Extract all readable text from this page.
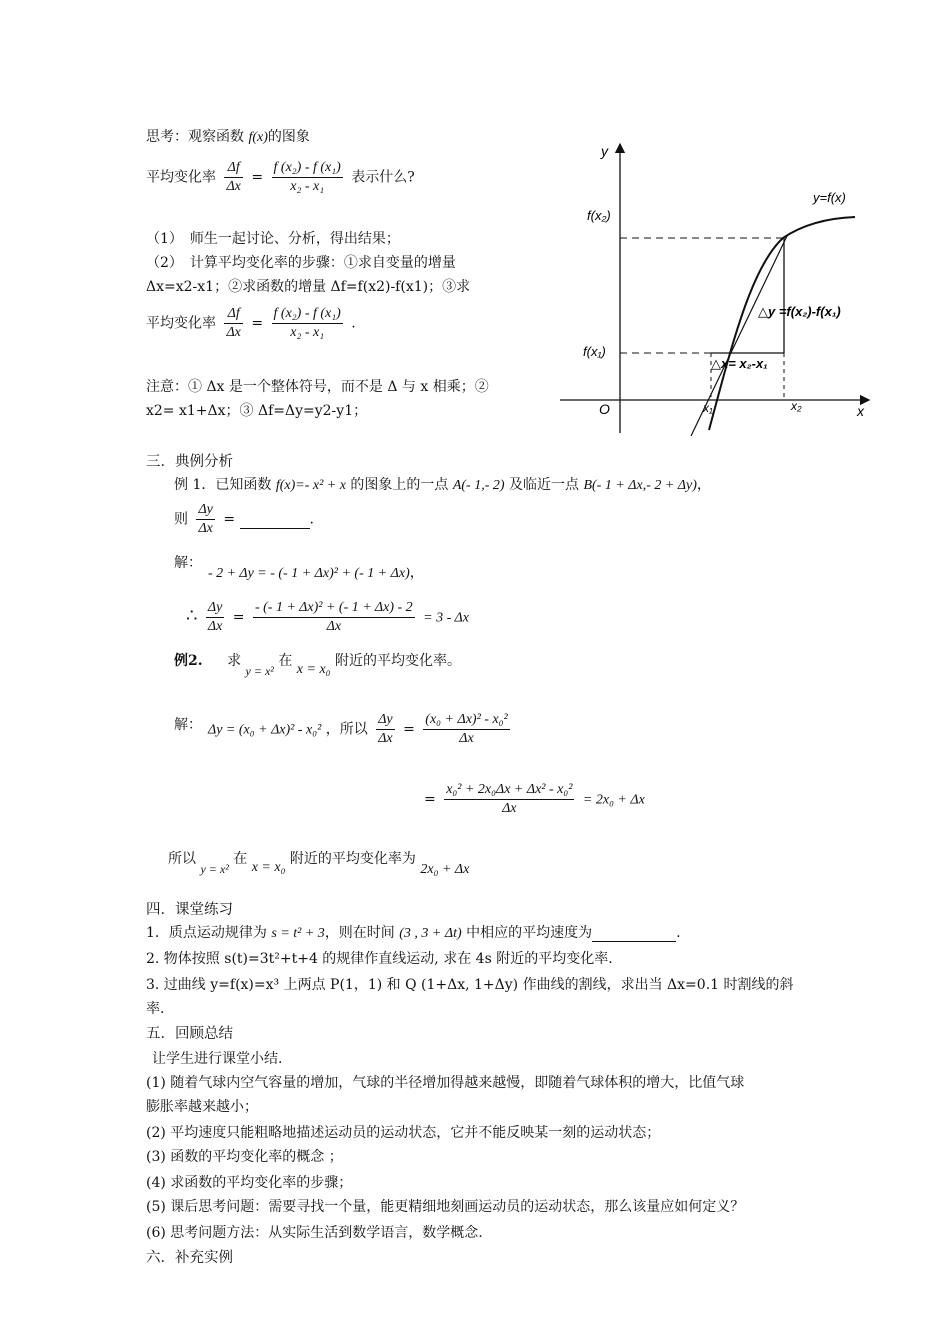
思考：观察函数 f(x)的图象
平均变化率 $\frac{\Delta f}{\Delta x} = \frac{\text{f (x₂) - f (x₁)}}{\text{x₂ - x₁}}$ 表示什么?
（1）　师生一起讨论、分析，得出结果；
（2）　计算平均变化率的步骤：①求自变量的增量
Δx=x2-x1；②求函数的增量 Δf=f(x2)-f(x1)；③求
平均变化率 $\frac{\Delta f}{\Delta x} = \frac{\text{f (x₂) - f (x₁)}}{\text{x₂ - x₁}}$ .
注意：① Δx 是一个整体符号，而不是 Δ 与 x 相乘；②
x2= x1+Δx；③ Δf=Δy=y2-y1；
y
x
O
y=f(x)
f(x₂)
f(x₁)
△y =f(x₂)-f(x₁)
△x= x₂-x₁
x₁	x₂
三．典例分析
例 1．已知函数 f(x)=- x² + x 的图象上的一点 A(- 1,- 2) 及临近一点 B(- 1 + Δx,- 2 + Δy)，
则 $\frac{\Delta y}{\Delta x}$ =	.
解：
- 2 + Δy = - (- 1 + Δx)² + (- 1 + Δx)，
∴ $\frac{\Delta y}{\Delta x} = \frac{\text{- (- 1 + Δx)² + (- 1 + Δx) - 2}}{\Delta x} = 3 - \Delta x$
例2. 求 y = x² 在 x = x₀ 附近的平均变化率。
解： Δy = (x₀ + Δx)² - x₀² ，所以 $\frac{\Delta y}{\Delta x} = \frac{\text{(x₀ + Δx)² - x₀²}}{\Delta x}$
= $\frac{\text{x₀² + 2x₀Δx + Δx² - x₀²}}{\Delta x} = 2x_0 + \Delta x$
所以 y = x² 在 x = x₀ 附近的平均变化率为 2x₀ + Δx
四．课堂练习
1．质点运动规律为 s = t² + 3，则在时间 (3 , 3 + Δt) 中相应的平均速度为	.
2. 物体按照 s(t)=3t²+t+4 的规律作直线运动, 求在 4s 附近的平均变化率.
3. 过曲线 y=f(x)=x³ 上两点 P(1，1) 和 Q (1+Δx, 1+Δy) 作曲线的割线，求出当 Δx=0.1 时割线的斜
率.
五．回顾总结
让学生进行课堂小结.
(1) 随着气球内空气容量的增加，气球的半径增加得越来越慢，即随着气球体积的增大，比值气球
膨胀率越来越小；
(2) 平均速度只能粗略地描述运动员的运动状态，它并不能反映某一刻的运动状态；
(3) 函数的平均变化率的概念 ；
(4) 求函数的平均变化率的步骤；
(5) 课后思考问题：需要寻找一个量，能更精细地刻画运动员的运动状态，那么该量应如何定义？
(6) 思考问题方法：从实际生活到数学语言，数学概念.
六．补充实例
